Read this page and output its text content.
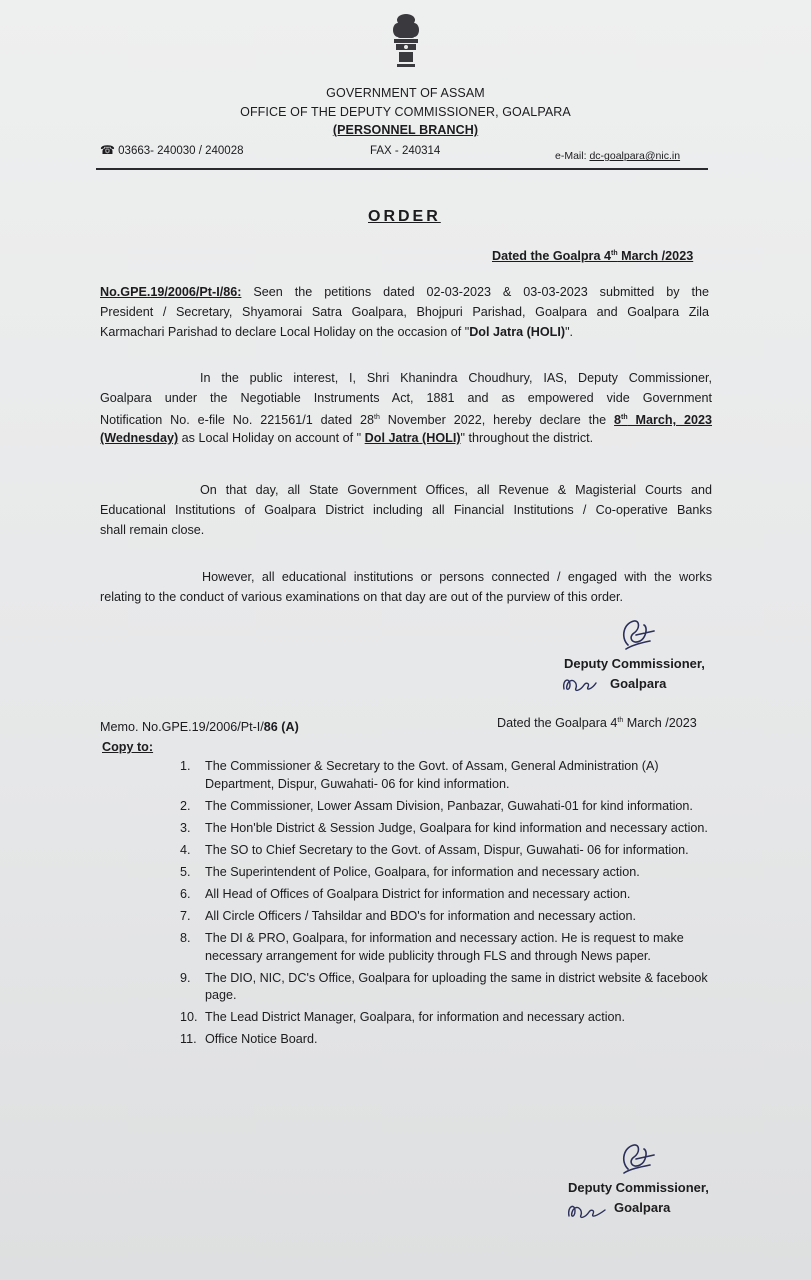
GOVERNMENT OF ASSAM
OFFICE OF THE DEPUTY COMMISSIONER, GOALPARA
(PERSONNEL BRANCH)
☎ 03663- 240030 / 240028	FAX - 240314	e-Mail: dc-goalpara@nic.in
ORDER
Dated the Goalpra 4th March /2023
No.GPE.19/2006/Pt-I/86: Seen the petitions dated 02-03-2023 & 03-03-2023 submitted by the
President / Secretary, Shyamorai Satra Goalpara, Bhojpuri Parishad, Goalpara and Goalpara Zila
Karmachari Parishad to declare Local Holiday on the occasion of "Dol Jatra (HOLI)".
In the public interest, I, Shri Khanindra Choudhury, IAS, Deputy Commissioner,
Goalpara under the Negotiable Instruments Act, 1881 and as empowered vide Government
Notification No. e-file No. 221561/1 dated 28th November 2022, hereby declare the 8th March, 2023
(Wednesday) as Local Holiday on account of " Dol Jatra (HOLI)" throughout the district.
On that day, all State Government Offices, all Revenue & Magisterial Courts and
Educational Institutions of Goalpara District including all Financial Institutions / Co-operative Banks
shall remain close.
However, all educational institutions or persons connected / engaged with the works
relating to the conduct of various examinations on that day are out of the purview of this order.
Deputy Commissioner,
Goalpara
Memo. No.GPE.19/2006/Pt-I/86 (A)	Dated the Goalpara 4th March /2023
Copy to:
1. The Commissioner & Secretary to the Govt. of Assam, General Administration (A) Department, Dispur, Guwahati- 06 for kind information.
2. The Commissioner, Lower Assam Division, Panbazar, Guwahati-01 for kind information.
3. The Hon'ble District & Session Judge, Goalpara for kind information and necessary action.
4. The SO to Chief Secretary to the Govt. of Assam, Dispur, Guwahati- 06 for information.
5. The Superintendent of Police, Goalpara, for information and necessary action.
6. All Head of Offices of Goalpara District for information and necessary action.
7. All Circle Officers / Tahsildar and BDO's for information and necessary action.
8. The DI & PRO, Goalpara, for information and necessary action. He is request to make necessary arrangement for wide publicity through FLS and through News paper.
9. The DIO, NIC, DC's Office, Goalpara for uploading the same in district website & facebook page.
10. The Lead District Manager, Goalpara, for information and necessary action.
11. Office Notice Board.
Deputy Commissioner,
Goalpara
